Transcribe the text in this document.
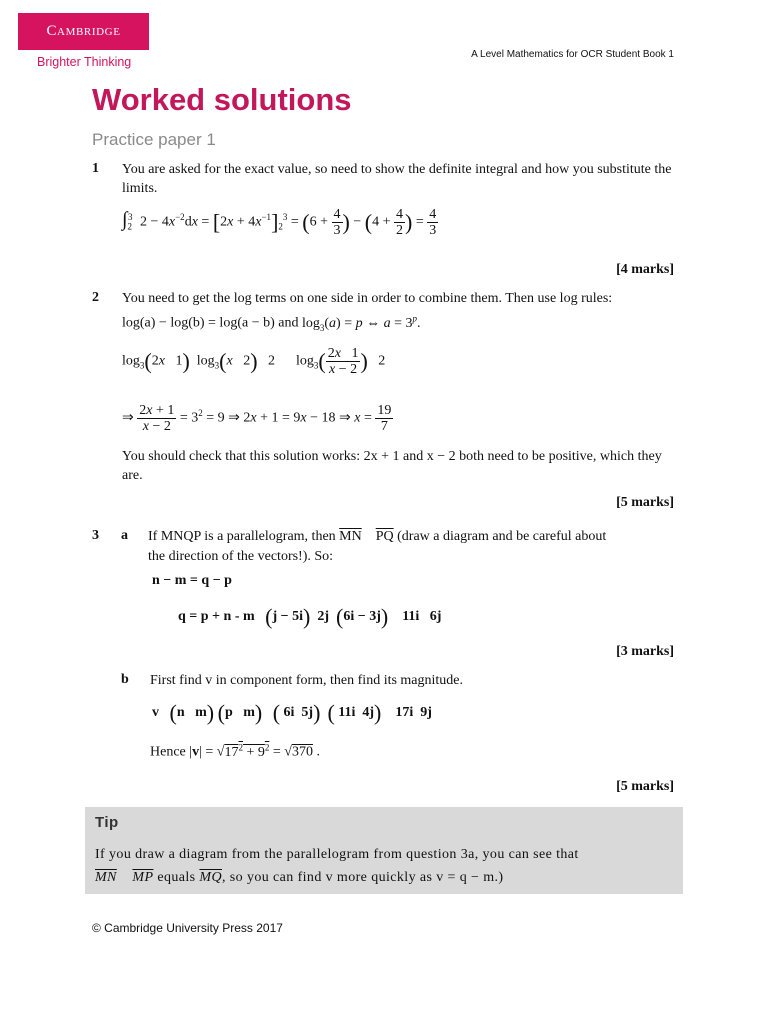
Cambridge
Brighter Thinking
A Level Mathematics for OCR Student Book 1
Worked solutions
Practice paper 1
1 You are asked for the exact value, so need to show the definite integral and how you substitute the limits.
$\int_2^3$ $2 - 4x^{-2}dx = [2x + 4x^{-1}]_2^3 = (6 + \frac{4}{3}$ ) − ($4 + \frac{4}{2}$ ) = $\frac{4}{3}$
[4 marks]
2 You need to get the log terms on one side in order to combine them. Then use log rules:
log(a) − log(b) = log(a − b) and $\log_3(a) = p$ ⇔ $a = 3^p$.
$\log_3(2x$   1)  $\log_3(x$   2)   2      $\log_3( \frac{2x 1}{x - 2}$ )   2
⇒ $\frac{2x + 1}{x - 2} = 3^2 = 9$ ⇒ 2x + 1 = 9x − 18 ⇒ $x = \frac{19}{7}$
You should check that this solution works: 2x + 1 and x − 2 both need to be positive, which they are.
[5 marks]
3 a If MNQP is a parallelogram, then $\overline{MN}$ $\overline{PQ}$ (draw a diagram and be careful about
the direction of the vectors!). So:
n − m = q − p
q = p + n - m   (j − 5i)  2j  (6i − 3j)    11i   6j
[3 marks]
b First find v in component form, then find its magnitude.
v   (n   m) (p   m) ( 6i  5j) ( 11i  4j)    17i  9j
Hence $|v| = √17^2 + 9^2 = √370$ .
[5 marks]
Tip
If you draw a diagram from the parallelogram from question 3a, you can see that
$\overline{MN}$ $\overline{MP}$ equals $\overline{MQ}$, so you can find v more quickly as v = q − m.)
© Cambridge University Press 2017
